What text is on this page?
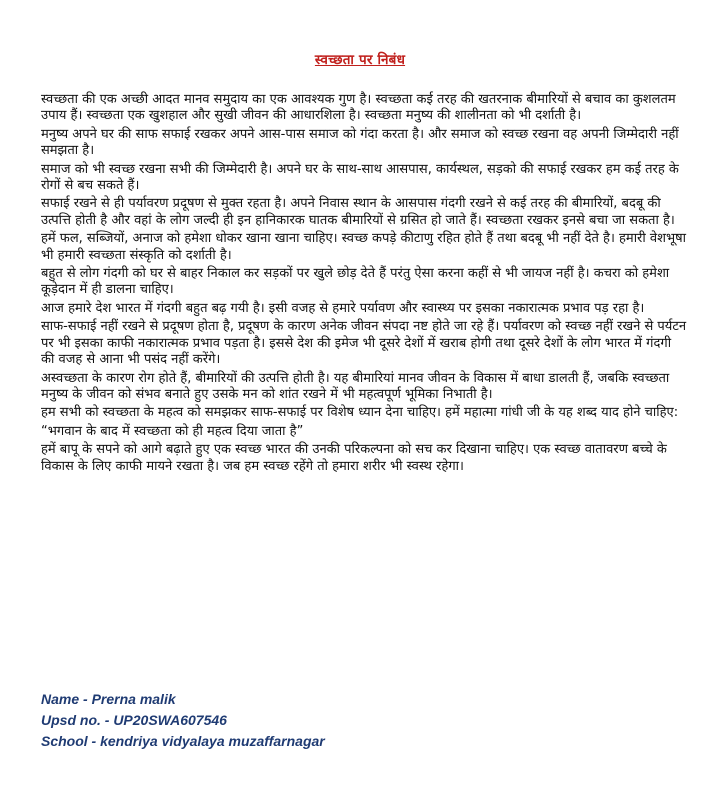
स्वच्छता पर निबंध

स्वच्छता की एक अच्छी आदत मानव समुदाय का एक आवश्यक गुण है। स्वच्छता कई तरह की खतरनाक बीमारियों से बचाव का कुशलतम उपाय हैं। स्वच्छता एक खुशहाल और सुखी जीवन की आधारशिला है। स्वच्छता मनुष्य की शालीनता को भी दर्शाती है।

मनुष्य अपने घर की साफ सफाई रखकर अपने आस-पास समाज को गंदा करता है। और समाज को स्वच्छ रखना वह अपनी जिम्मेदारी नहीं समझता है।

समाज को भी स्वच्छ रखना सभी की जिम्मेदारी है। अपने घर के साथ-साथ आसपास, कार्यस्थल, सड़को की सफाई रखकर हम कई तरह के रोगों से बच सकते हैं।

सफाई रखने से ही पर्यावरण प्रदूषण से मुक्त रहता है। अपने निवास स्थान के आसपास गंदगी रखने से कई तरह की बीमारियों, बदबू की उत्पत्ति होती है और वहां के लोग जल्दी ही इन हानिकारक घातक बीमारियों से ग्रसित हो जाते हैं। स्वच्छता रखकर इनसे बचा जा सकता है।

हमें फल, सब्जियों, अनाज को हमेशा धोकर खाना खाना चाहिए। स्वच्छ कपड़े कीटाणु रहित होते हैं तथा बदबू भी नहीं देते है। हमारी वेशभूषा भी हमारी स्वच्छता संस्कृति को दर्शाती है।

बहुत से लोग गंदगी को घर से बाहर निकाल कर सड़कों पर खुले छोड़ देते हैं परंतु ऐसा करना कहीं से भी जायज नहीं है। कचरा को हमेशा कूड़ेदान में ही डालना चाहिए।

आज हमारे देश भारत में गंदगी बहुत बढ़ गयी है। इसी वजह से हमारे पर्यावण और स्वास्थ्य पर इसका नकारात्मक प्रभाव पड़ रहा है।

साफ-सफाई नहीं रखने से प्रदूषण होता है, प्रदूषण के कारण अनेक जीवन संपदा नष्ट होते जा रहे हैं। पर्यावरण को स्वच्छ नहीं रखने से पर्यटन पर भी इसका काफी नकारात्मक प्रभाव पड़ता है। इससे देश की इमेज भी दूसरे देशों में खराब होगी तथा दूसरे देशों के लोग भारत में गंदगी की वजह से आना भी पसंद नहीं करेंगे।

अस्वच्छता के कारण रोग होते हैं, बीमारियों की उत्पत्ति होती है। यह बीमारियां मानव जीवन के विकास में बाधा डालती हैं, जबकि स्वच्छता मनुष्य के जीवन को संभव बनाते हुए उसके मन को शांत रखने में भी महत्वपूर्ण भूमिका निभाती है।

हम सभी को स्वच्छता के महत्व को समझकर साफ-सफाई पर विशेष ध्यान देना चाहिए। हमें महात्मा गांधी जी के यह शब्द याद होने चाहिए:

“भगवान के बाद में स्वच्छता को ही महत्व दिया जाता है”

हमें बापू के सपने को आगे बढ़ाते हुए एक स्वच्छ भारत की उनकी परिकल्पना को सच कर दिखाना चाहिए। एक स्वच्छ वातावरण बच्चे के विकास के लिए काफी मायने रखता है। जब हम स्वच्छ रहेंगे तो हमारा शरीर भी स्वस्थ रहेगा।

Name - Prerna malik
Upsd no. - UP20SWA607546
School - kendriya vidyalaya muzaffarnagar
